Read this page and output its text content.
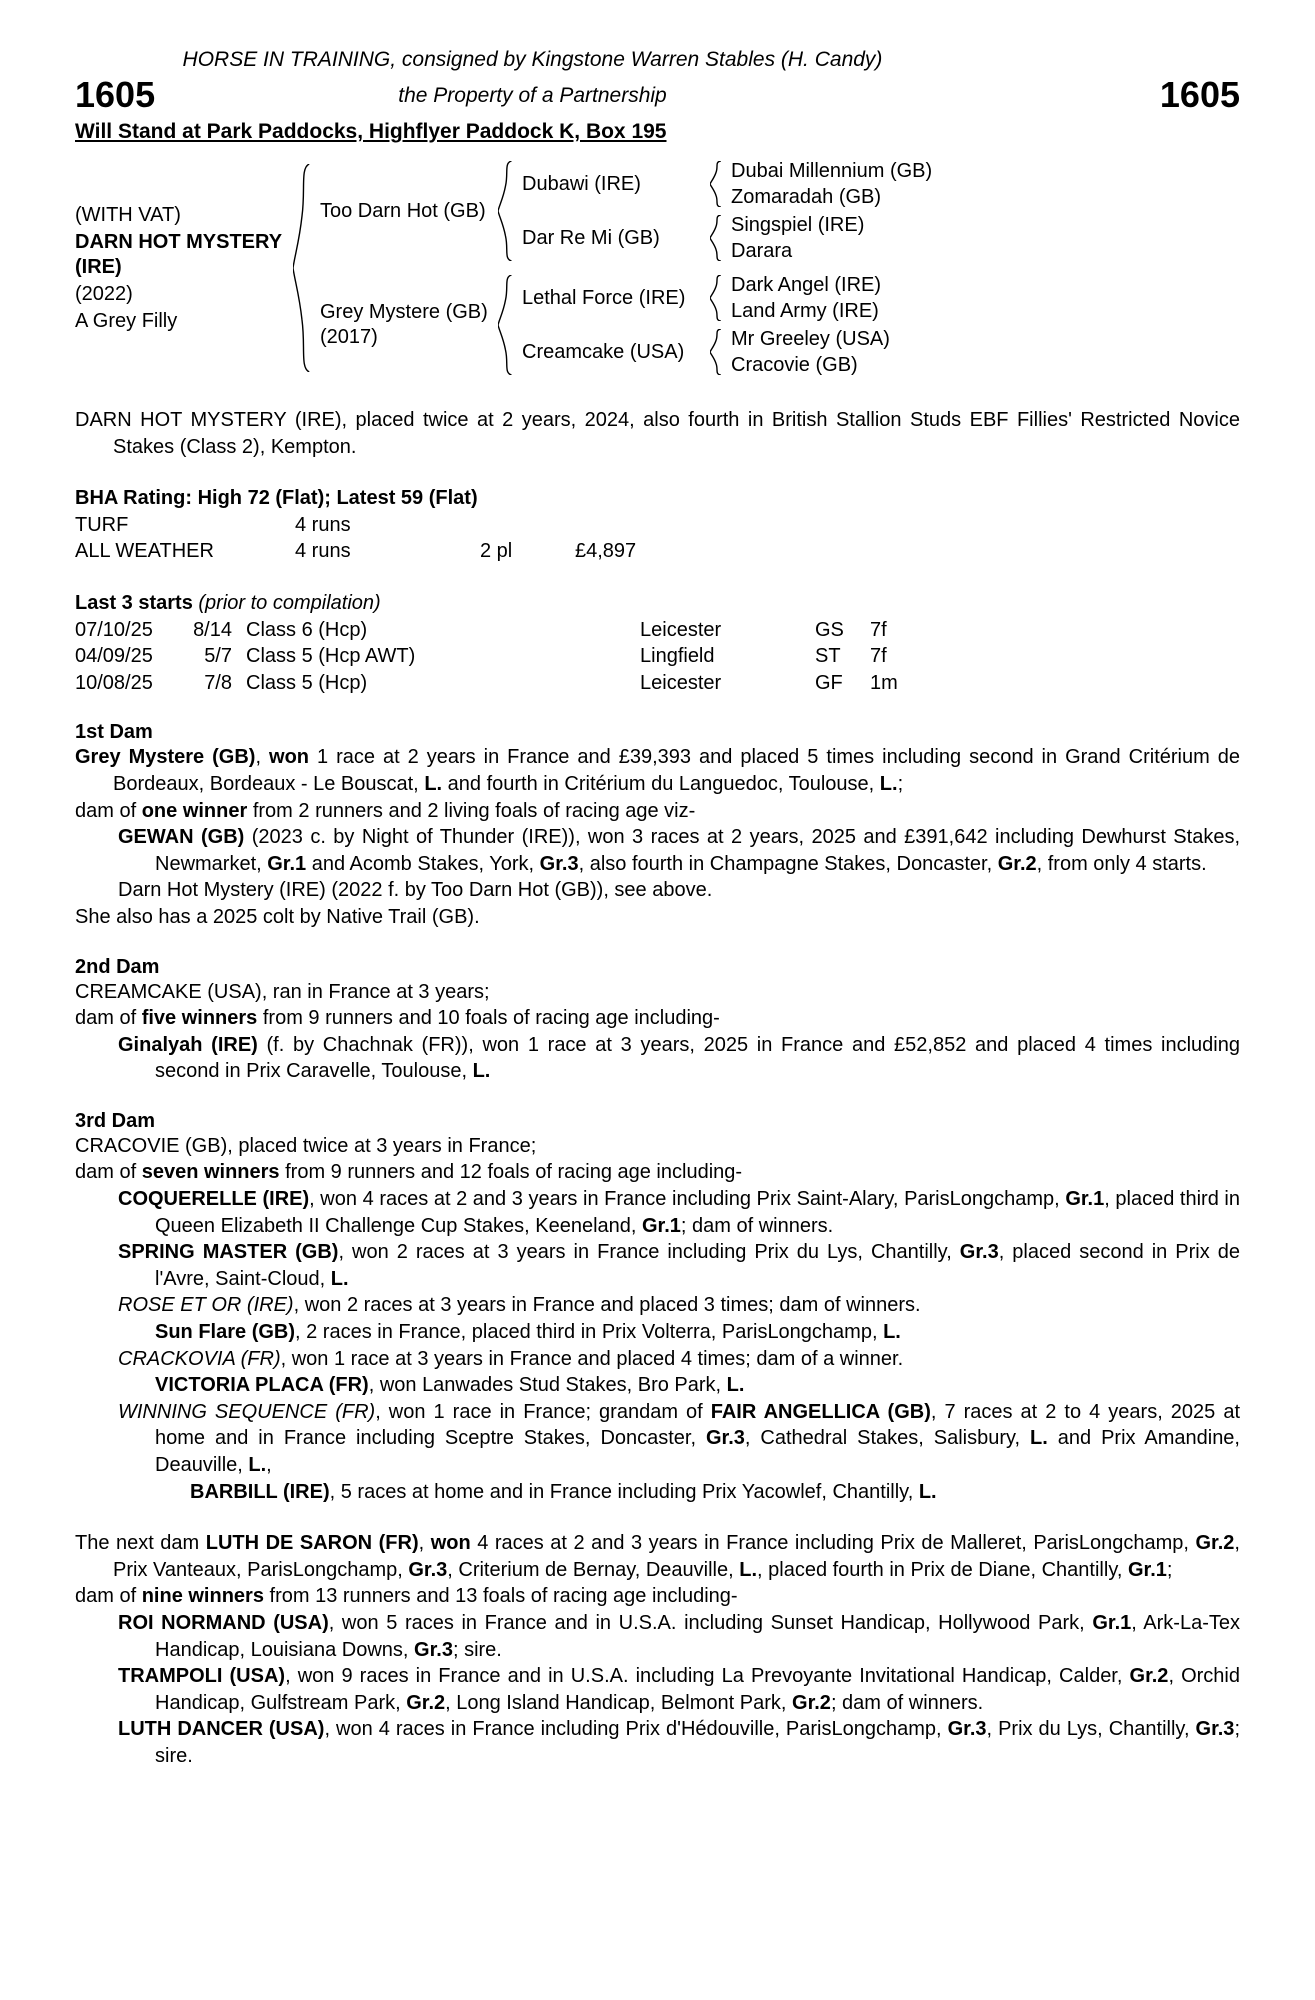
HORSE IN TRAINING, consigned by Kingstone Warren Stables (H. Candy)
the Property of a Partnership
1605	1605
Will Stand at Park Paddocks, Highflyer Paddock K, Box 195
(WITH VAT)
DARN HOT MYSTERY (IRE)
(2022)
A Grey Filly
Too Darn Hot (GB)
Dubawi (IRE)
Dubai Millennium (GB)
Zomaradah (GB)
Dar Re Mi (GB)
Singspiel (IRE)
Darara
Grey Mystere (GB)
(2017)
Lethal Force (IRE)
Dark Angel (IRE)
Land Army (IRE)
Creamcake (USA)
Mr Greeley (USA)
Cracovie (GB)

DARN HOT MYSTERY (IRE), placed twice at 2 years, 2024, also fourth in British Stallion Studs EBF Fillies' Restricted Novice Stakes (Class 2), Kempton.

BHA Rating: High 72 (Flat); Latest 59 (Flat)
TURF	4 runs
ALL WEATHER	4 runs	2 pl	£4,897
Last 3 starts (prior to compilation)
07/10/25	8/14 Class 6 (Hcp)	Leicester	GS	7f
04/09/25	5/7 Class 5 (Hcp AWT)	Lingfield	ST	7f
10/08/25	7/8 Class 5 (Hcp)	Leicester	GF	1m
1st Dam

Grey Mystere (GB), won 1 race at 2 years in France and £39,393 and placed 5 times including second in Grand Critérium de Bordeaux, Bordeaux - Le Bouscat, L. and fourth in Critérium du Languedoc, Toulouse, L.;

dam of one winner from 2 runners and 2 living foals of racing age viz-

GEWAN (GB) (2023 c. by Night of Thunder (IRE)), won 3 races at 2 years, 2025 and £391,642 including Dewhurst Stakes, Newmarket, Gr.1 and Acomb Stakes, York, Gr.3, also fourth in Champagne Stakes, Doncaster, Gr.2, from only 4 starts.

Darn Hot Mystery (IRE) (2022 f. by Too Darn Hot (GB)), see above.

She also has a 2025 colt by Native Trail (GB).

2nd Dam

CREAMCAKE (USA), ran in France at 3 years;

dam of five winners from 9 runners and 10 foals of racing age including-

Ginalyah (IRE) (f. by Chachnak (FR)), won 1 race at 3 years, 2025 in France and £52,852 and placed 4 times including second in Prix Caravelle, Toulouse, L.

3rd Dam

CRACOVIE (GB), placed twice at 3 years in France;

dam of seven winners from 9 runners and 12 foals of racing age including-

COQUERELLE (IRE), won 4 races at 2 and 3 years in France including Prix Saint-Alary, ParisLongchamp, Gr.1, placed third in Queen Elizabeth II Challenge Cup Stakes, Keeneland, Gr.1; dam of winners.

SPRING MASTER (GB), won 2 races at 3 years in France including Prix du Lys, Chantilly, Gr.3, placed second in Prix de l'Avre, Saint-Cloud, L.

ROSE ET OR (IRE), won 2 races at 3 years in France and placed 3 times; dam of winners.

Sun Flare (GB), 2 races in France, placed third in Prix Volterra, ParisLongchamp, L.

CRACKOVIA (FR), won 1 race at 3 years in France and placed 4 times; dam of a winner.

VICTORIA PLACA (FR), won Lanwades Stud Stakes, Bro Park, L.

WINNING SEQUENCE (FR), won 1 race in France; grandam of FAIR ANGELLICA (GB), 7 races at 2 to 4 years, 2025 at home and in France including Sceptre Stakes, Doncaster, Gr.3, Cathedral Stakes, Salisbury, L. and Prix Amandine, Deauville, L.,

BARBILL (IRE), 5 races at home and in France including Prix Yacowlef, Chantilly, L.

The next dam LUTH DE SARON (FR), won 4 races at 2 and 3 years in France including Prix de Malleret, ParisLongchamp, Gr.2, Prix Vanteaux, ParisLongchamp, Gr.3, Criterium de Bernay, Deauville, L., placed fourth in Prix de Diane, Chantilly, Gr.1;

dam of nine winners from 13 runners and 13 foals of racing age including-

ROI NORMAND (USA), won 5 races in France and in U.S.A. including Sunset Handicap, Hollywood Park, Gr.1, Ark-La-Tex Handicap, Louisiana Downs, Gr.3; sire.

TRAMPOLI (USA), won 9 races in France and in U.S.A. including La Prevoyante Invitational Handicap, Calder, Gr.2, Orchid Handicap, Gulfstream Park, Gr.2, Long Island Handicap, Belmont Park, Gr.2; dam of winners.

LUTH DANCER (USA), won 4 races in France including Prix d'Hédouville, ParisLongchamp, Gr.3, Prix du Lys, Chantilly, Gr.3; sire.
